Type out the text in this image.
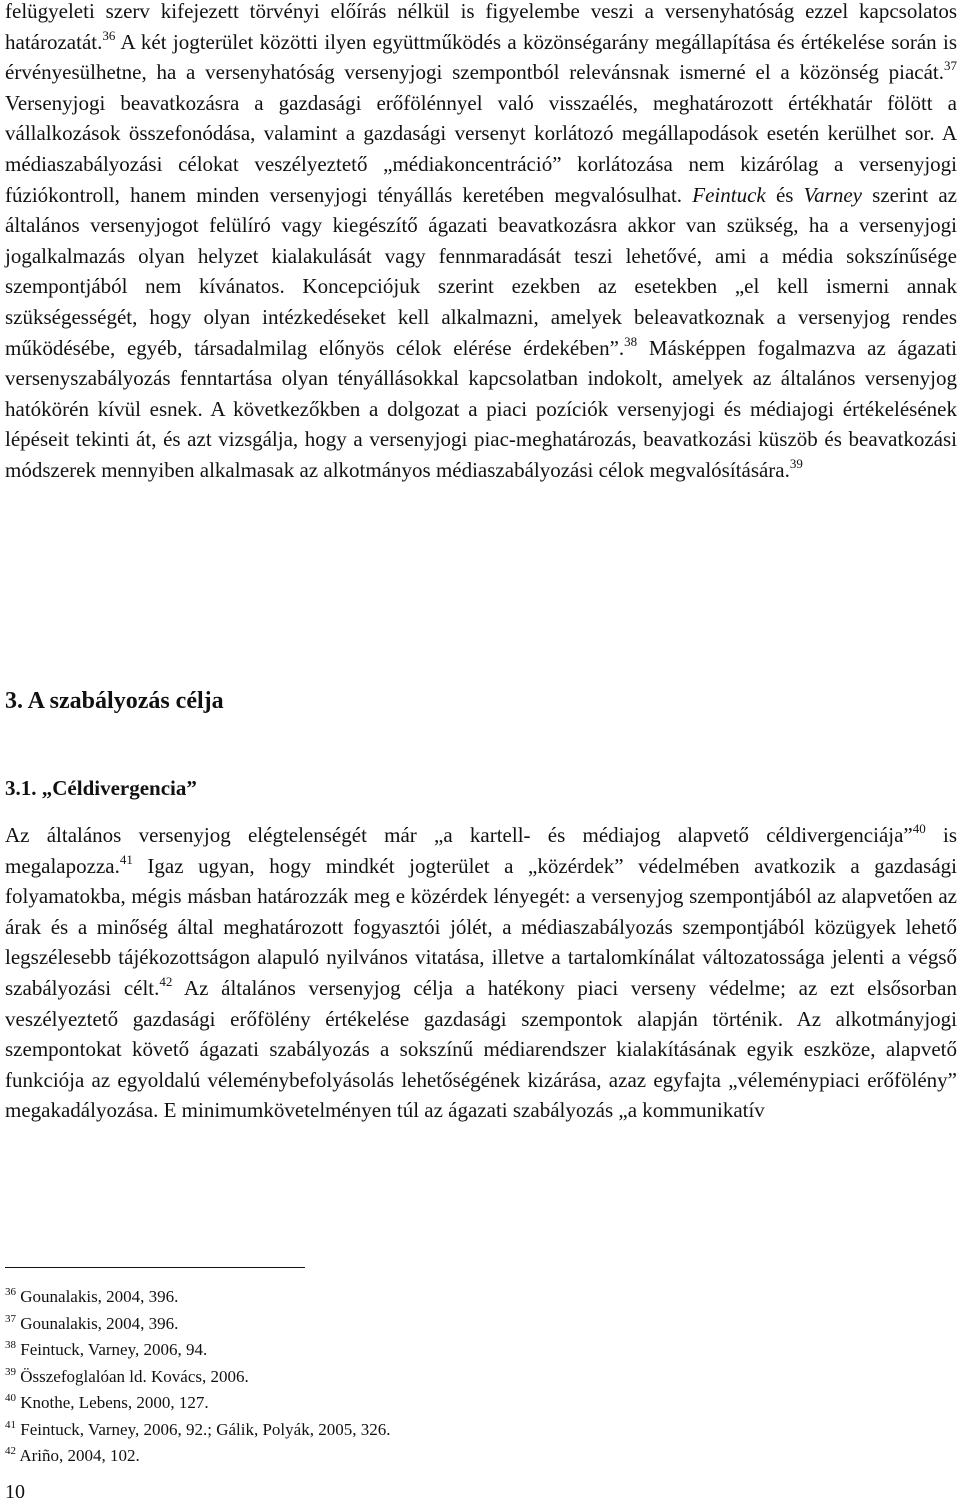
felügyeleti szerv kifejezett törvényi előírás nélkül is figyelembe veszi a versenyhatóság ezzel kapcsolatos határozatát.$^{36}$ A két jogterület közötti ilyen együttműködés a közönségarány megállapítása és értékelése során is érvényesülhetne, ha a versenyhatóság versenyjogi szempontból relevánsnak ismerné el a közönség piacát.$^{37}$ Versenyjogi beavatkozásra a gazdasági erőfölénnyel való visszaélés, meghatározott értékhatár fölött a vállalkozások összefonódása, valamint a gazdasági versenyt korlátozó megállapodások esetén kerülhet sor. A médiaszabályozási célokat veszélyeztető „médiakoncentráció” korlátozása nem kizárólag a versenyjogi fúziókontroll, hanem minden versenyjogi tényállás keretében megvalósulhat. Feintuck és Varney szerint az általános versenyjogot felülíró vagy kiegészítő ágazati beavatkozásra akkor van szükség, ha a versenyjogi jogalkalmazás olyan helyzet kialakulását vagy fennmaradását teszi lehetővé, ami a média sokszínűsége szempontjából nem kívánatos. Koncepciójuk szerint ezekben az esetekben „el kell ismerni annak szükségességét, hogy olyan intézkedéseket kell alkalmazni, amelyek beleavatkoznak a versenyjog rendes működésébe, egyéb, társadalmilag előnyös célok elérése érdekében”.$^{38}$ Másképpen fogalmazva az ágazati versenyszabályozás fenntartása olyan tényállásokkal kapcsolatban indokolt, amelyek az általános versenyjog hatókörén kívül esnek. A következőkben a dolgozat a piaci pozíciók versenyjogi és médiajogi értékelésének lépéseit tekinti át, és azt vizsgálja, hogy a versenyjogi piac-meghatározás, beavatkozási küszöb és beavatkozási módszerek mennyiben alkalmasak az alkotmányos médiaszabályozási célok megvalósítására.$^{39}$

3. A szabályozás célja
3.1. „Céldivergencia”

Az általános versenyjog elégtelenségét már „a kartell- és médiajog alapvető céldivergenciája”$^{40}$ is megalapozza.$^{41}$ Igaz ugyan, hogy mindkét jogterület a „közérdek” védelmében avatkozik a gazdasági folyamatokba, mégis másban határozzák meg e közérdek lényegét: a versenyjog szempontjából az alapvetően az árak és a minőség által meghatározott fogyasztói jólét, a médiaszabályozás szempontjából közügyek lehető legszélesebb tájékozottságon alapuló nyilvános vitatása, illetve a tartalomkínálat változatossága jelenti a végső szabályozási célt.$^{42}$ Az általános versenyjog célja a hatékony piaci verseny védelme; az ezt elsősorban veszélyeztető gazdasági erőfölény értékelése gazdasági szempontok alapján történik. Az alkotmányjogi szempontokat követő ágazati szabályozás a sokszínű médiarendszer kialakításának egyik eszköze, alapvető funkciója az egyoldalú véleménybefolyásolás lehetőségének kizárása, azaz egyfajta „véleménypiaci erőfölény” megakadályozása. E minimumkövetelményen túl az ágazati szabályozás „a kommunikatív

$^{36}$ Gounalakis, 2004, 396.
$^{37}$ Gounalakis, 2004, 396.
$^{38}$ Feintuck, Varney, 2006, 94.
$^{39}$ Összefoglalóan ld. Kovács, 2006.
$^{40}$ Knothe, Lebens, 2000, 127.
$^{41}$ Feintuck, Varney, 2006, 92.; Gálik, Polyák, 2005, 326.
$^{42}$ Ariño, 2004, 102.
10
